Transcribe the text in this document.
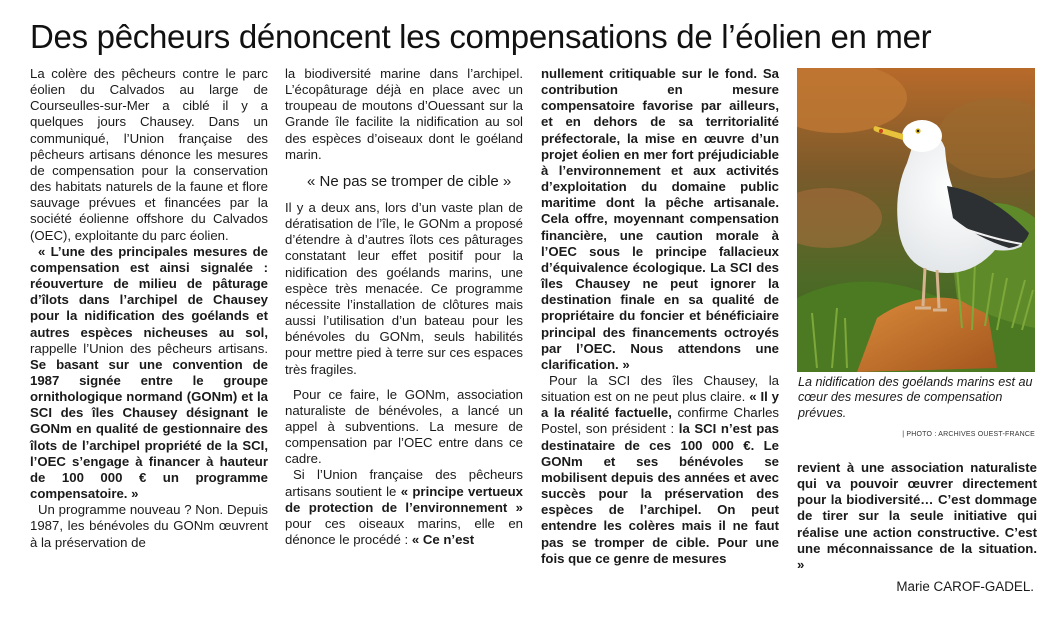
Des pêcheurs dénoncent les compensations de l’éolien en mer

La colère des pêcheurs contre le parc éolien du Calvados au large de Courseulles-sur-Mer a ciblé il y a quelques jours Chausey. Dans un communiqué, l’Union française des pêcheurs artisans dénonce les mesures de compensation pour la conservation des habitats naturels de la faune et flore sauvage prévues et financées par la société éolienne offshore du Calvados (OEC), exploitante du parc éolien.

« L’une des principales mesures de compensation est ainsi signalée : réouverture de milieu de pâturage d’îlots dans l’archipel de Chausey pour la nidification des goélands et autres espèces nicheuses au sol, rappelle l’Union des pêcheurs artisans. Se basant sur une convention de 1987 signée entre le groupe ornithologique normand (GONm) et la SCI des îles Chausey désignant le GONm en qualité de gestionnaire des îlots de l’archipel propriété de la SCI, l’OEC s’engage à financer à hauteur de 100 000 € un programme compensatoire. »

Un programme nouveau ? Non. Depuis 1987, les bénévoles du GONm œuvrent à la préservation de

la biodiversité marine dans l’archipel. L’écopâturage déjà en place avec un troupeau de moutons d’Ouessant sur la Grande île facilite la nidification au sol des espèces d’oiseaux dont le goéland marin.

« Ne pas se tromper de cible »

Il y a deux ans, lors d’un vaste plan de dératisation de l’île, le GONm a proposé d’étendre à d’autres îlots ces pâturages constatant leur effet positif pour la nidification des goélands marins, une espèce très menacée. Ce programme nécessite l’installation de clôtures mais aussi l’utilisation d’un bateau pour les bénévoles du GONm, seuls habilités pour mettre pied à terre sur ces espaces très fragiles.

Pour ce faire, le GONm, association naturaliste de bénévoles, a lancé un appel à subventions. La mesure de compensation par l’OEC entre dans ce cadre.

Si l’Union française des pêcheurs artisans soutient le « principe vertueux de protection de l’environnement » pour ces oiseaux marins, elle en dénonce le procédé : « Ce n’est

nullement critiquable sur le fond. Sa contribution en mesure compensatoire favorise par ailleurs, et en dehors de sa territorialité préfectorale, la mise en œuvre d’un projet éolien en mer fort préjudiciable à l’environnement et aux activités d’exploitation du domaine public maritime dont la pêche artisanale. Cela offre, moyennant compensation financière, une caution morale à l’OEC sous le principe fallacieux d’équivalence écologique. La SCI des îles Chausey ne peut ignorer la destination finale en sa qualité de propriétaire du foncier et bénéficiaire principal des financements octroyés par l’OEC. Nous attendons une clarification. »

Pour la SCI des îles Chausey, la situation est on ne peut plus claire. « Il y a la réalité factuelle, confirme Charles Postel, son président : la SCI n’est pas destinataire de ces 100 000 €. Le GONm et ses bénévoles se mobilisent depuis des années et avec succès pour la préservation des espèces de l’archipel. On peut entendre les colères mais il ne faut pas se tromper de cible. Pour une fois que ce genre de mesures

La nidification des goélands marins est au cœur des mesures de compensation prévues.
| PHOTO : ARCHIVES OUEST-FRANCE

revient à une association naturaliste qui va pouvoir œuvrer directement pour la biodiversité… C’est dommage de tirer sur la seule initiative qui réalise une action constructive. C’est une méconnaissance de la situation. »

Marie CAROF-GADEL.
